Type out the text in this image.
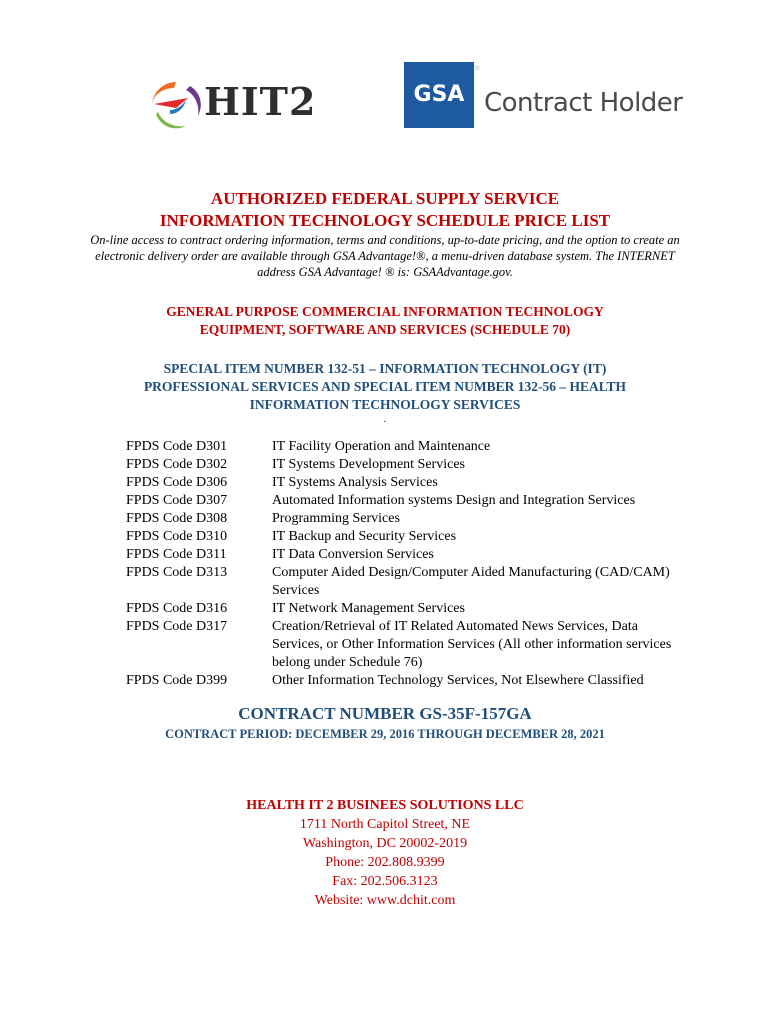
HIT2	GSA
☆
Contract Holder
AUTHORIZED FEDERAL SUPPLY SERVICE
INFORMATION TECHNOLOGY SCHEDULE PRICE LIST
On-line access to contract ordering information, terms and conditions, up-to-date pricing, and the option to create an electronic delivery order are available through GSA Advantage!®, a menu-driven database system. The INTERNET address GSA Advantage! ® is: GSAAdvantage.gov.
GENERAL PURPOSE COMMERCIAL INFORMATION TECHNOLOGY
EQUIPMENT, SOFTWARE AND SERVICES (SCHEDULE 70)
SPECIAL ITEM NUMBER 132-51 – INFORMATION TECHNOLOGY (IT)
PROFESSIONAL SERVICES AND SPECIAL ITEM NUMBER 132-56 – HEALTH
INFORMATION TECHNOLOGY SERVICES
.
FPDS Code D301	IT Facility Operation and Maintenance
FPDS Code D302	IT Systems Development Services
FPDS Code D306	IT Systems Analysis Services
FPDS Code D307	Automated Information systems Design and Integration Services
FPDS Code D308	Programming Services
FPDS Code D310	IT Backup and Security Services
FPDS Code D311	IT Data Conversion Services
FPDS Code D313	Computer Aided Design/Computer Aided Manufacturing (CAD/CAM) Services
FPDS Code D316	IT Network Management Services
FPDS Code D317	Creation/Retrieval of IT Related Automated News Services, Data Services, or Other Information Services (All other information services belong under Schedule 76)
FPDS Code D399	Other Information Technology Services, Not Elsewhere Classified
CONTRACT NUMBER GS-35F-157GA
CONTRACT PERIOD: DECEMBER 29, 2016 THROUGH DECEMBER 28, 2021
HEALTH IT 2 BUSINEES SOLUTIONS LLC
1711 North Capitol Street, NE
Washington, DC 20002-2019
Phone: 202.808.9399
Fax: 202.506.3123
Website: www.dchit.com
